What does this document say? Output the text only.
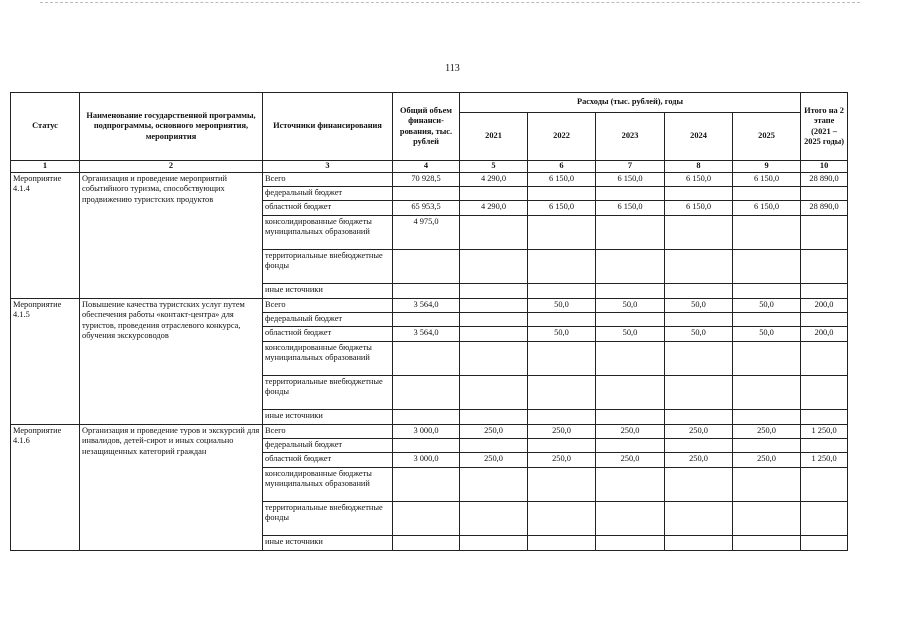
113
Статус	Наименование государственной программы, подпрограммы, основного мероприятия, мероприятия	Источники финансирования	Общий объем финанси-рования, тыс. рублей	Расходы (тыс. рублей), годы					Итого на 2 этапе (2021 – 2025 годы)
				2021	2022	2023	2024	2025	
1	2	3	4	5	6	7	8	9	10
Мероприятие 4.1.4	Организация и проведение мероприятий событийного туризма, способствующих продвижению туристских продуктов	Всего	70 928,5	4 290,0	6 150,0	6 150,0	6 150,0	6 150,0	28 890,0
		федеральный бюджет							
		областной бюджет	65 953,5	4 290,0	6 150,0	6 150,0	6 150,0	6 150,0	28 890,0
		консолидированные бюджеты муниципальных образований	4 975,0						
		территориальные внебюджетные фонды							
		иные источники							
Мероприятие 4.1.5	Повышение качества туристских услуг путем обеспечения работы «контакт-центра» для туристов, проведения отраслевого конкурса, обучения экскурсоводов	Всего	3 564,0		50,0	50,0	50,0	50,0	200,0
		федеральный бюджет							
		областной бюджет	3 564,0		50,0	50,0	50,0	50,0	200,0
		консолидированные бюджеты муниципальных образований							
		территориальные внебюджетные фонды							
		иные источники							
Мероприятие 4.1.6	Организация и проведение туров и экскурсий для инвалидов, детей-сирот и иных социально незащищенных категорий граждан	Всего	3 000,0	250,0	250,0	250,0	250,0	250,0	1 250,0
		федеральный бюджет							
		областной бюджет	3 000,0	250,0	250,0	250,0	250,0	250,0	1 250,0
		консолидированные бюджеты муниципальных образований							
		территориальные внебюджетные фонды							
		иные источники							
